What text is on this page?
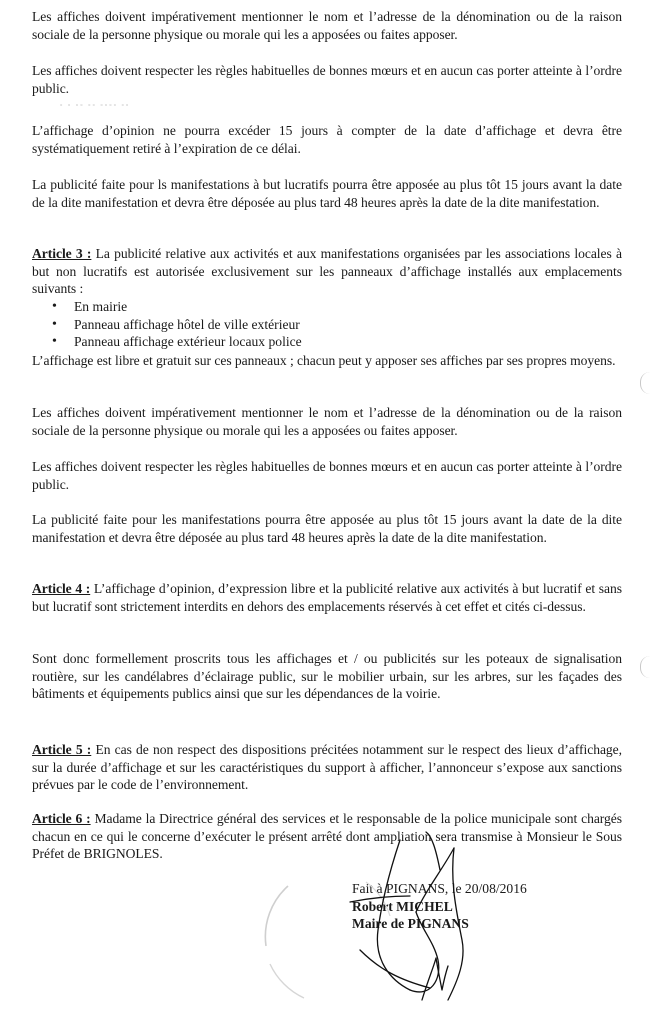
° ° °° °° °°°° °°

Les affiches doivent impérativement mentionner le nom et l’adresse de la dénomination ou de la raison sociale de la personne physique ou morale qui les a apposées ou faites apposer.

Les affiches doivent respecter les règles habituelles de bonnes mœurs et en aucun cas porter atteinte à l’ordre public.

L’affichage d’opinion ne pourra excéder 15 jours à compter de la date d’affichage et devra être systématiquement retiré à l’expiration de ce délai.

La publicité faite pour ls manifestations à but lucratifs pourra être apposée au plus tôt 15 jours avant la date de la dite manifestation et devra être déposée au plus tard 48 heures après la date de la dite manifestation.

Article 3 : La publicité relative aux activités et aux manifestations organisées par les associations locales à but non lucratifs est autorisée exclusivement sur les panneaux d’affichage installés aux emplacements suivants :

• En mairie
• Panneau affichage hôtel de ville extérieur
• Panneau affichage extérieur locaux police

L’affichage est libre et gratuit sur ces panneaux ; chacun peut y apposer ses affiches par ses propres moyens.

Les affiches doivent impérativement mentionner le nom et l’adresse de la dénomination ou de la raison sociale de la personne physique ou morale qui les a apposées ou faites apposer.

Les affiches doivent respecter les règles habituelles de bonnes mœurs et en aucun cas porter atteinte à l’ordre public.

La publicité faite pour les manifestations pourra être apposée au plus tôt 15 jours avant la date de la dite manifestation et devra être déposée au plus tard 48 heures après la date de la dite manifestation.

Article 4 : L’affichage d’opinion, d’expression libre et la publicité relative aux activités à but lucratif et sans but lucratif sont strictement interdits en dehors des emplacements réservés à cet effet et cités ci-dessus.

Sont donc formellement proscrits tous les affichages et / ou publicités sur les poteaux de signalisation routière, sur les candélabres d’éclairage public, sur le mobilier urbain, sur les arbres, sur les façades des bâtiments et équipements publics ainsi que sur les dépendances de la voirie.

Article 5 : En cas de non respect des dispositions précitées notamment sur le respect des lieux d’affichage, sur la durée d’affichage et sur les caractéristiques du support à afficher, l’annonceur s’expose aux sanctions prévues par le code de l’environnement.

Article 6 : Madame la Directrice général des services et le responsable de la police municipale sont chargés chacun en ce qui le concerne d’exécuter le présent arrêté dont ampliation sera transmise à Monsieur le Sous Préfet de BRIGNOLES.

Fait à PIGNANS, le 20/08/2016
Robert MICHEL
Maire de PIGNANS
